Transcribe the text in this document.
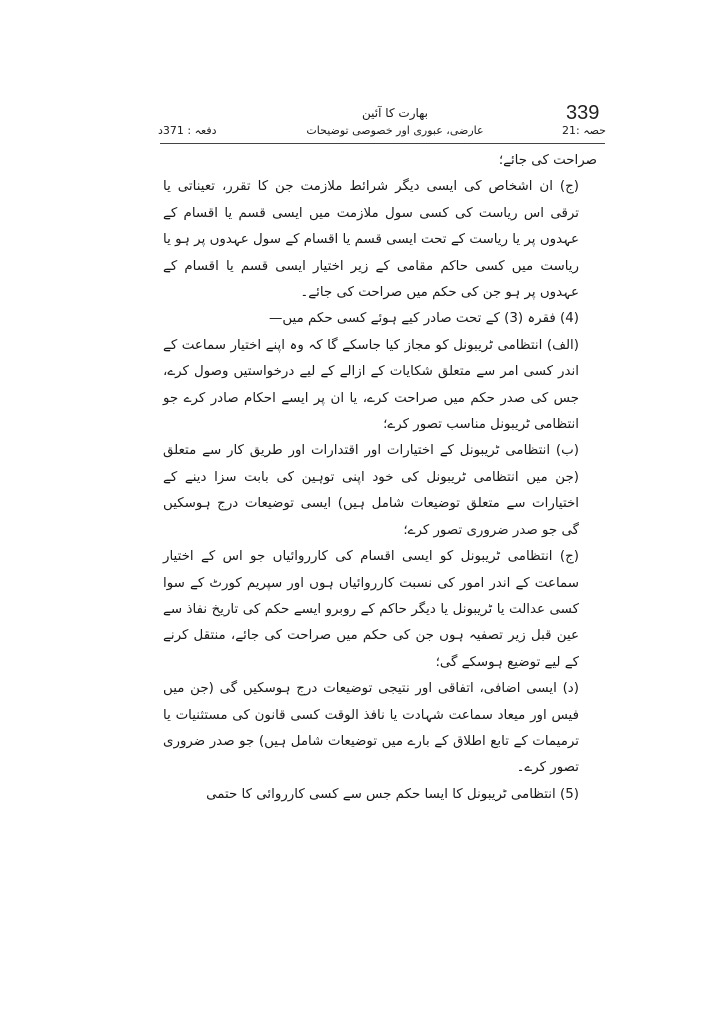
339
بھارت کا آئین
عارضی، عبوری اور خصوصی توضیحات	حصہ :21
دفعہ : 371د

صراحت کی جائے؛

(ج) ان اشخاص کی ایسی دیگر شرائط ملازمت جن کا تقرر، تعیناتی یا ترقی اس ریاست کی کسی سول ملازمت میں ایسی قسم یا اقسام کے عہدوں پر یا ریاست کے تحت ایسی قسم یا اقسام کے سول عہدوں پر ہو یا ریاست میں کسی حاکم مقامی کے زیر اختیار ایسی قسم یا اقسام کے عہدوں پر ہو جن کی حکم میں صراحت کی جائے۔

(4) فقرہ (3) کے تحت صادر کیے ہوئے کسی حکم میں—

(الف) انتظامی ٹریبونل کو مجاز کیا جاسکے گا کہ وہ اپنے اختیار سماعت کے اندر کسی امر سے متعلق شکایات کے ازالے کے لیے درخواستیں وصول کرے، جس کی صدر حکم میں صراحت کرے، یا ان پر ایسے احکام صادر کرے جو انتظامی ٹریبونل مناسب تصور کرے؛

(ب) انتظامی ٹریبونل کے اختیارات اور اقتدارات اور طریق کار سے متعلق (جن میں انتظامی ٹریبونل کی خود اپنی توہین کی بابت سزا دینے کے اختیارات سے متعلق توضیعات شامل ہیں) ایسی توضیعات درج ہوسکیں گی جو صدر ضروری تصور کرے؛

(ج) انتظامی ٹریبونل کو ایسی اقسام کی کارروائیاں جو اس کے اختیار سماعت کے اندر امور کی نسبت کارروائیاں ہوں اور سپریم کورٹ کے سوا کسی عدالت یا ٹریبونل یا دیگر حاکم کے روبرو ایسے حکم کی تاریخ نفاذ سے عین قبل زیر تصفیہ ہوں جن کی حکم میں صراحت کی جائے، منتقل کرنے کے لیے توضیع ہوسکے گی؛

(د) ایسی اضافی، اتفاقی اور نتیجی توضیعات درج ہوسکیں گی (جن میں فیس اور میعاد سماعت شہادت یا نافذ الوقت کسی قانون کی مستثنیات یا ترمیمات کے تابع اطلاق کے بارے میں توضیعات شامل ہیں) جو صدر ضروری تصور کرے۔

(5) انتظامی ٹریبونل کا ایسا حکم جس سے کسی کارروائی کا حتمی
